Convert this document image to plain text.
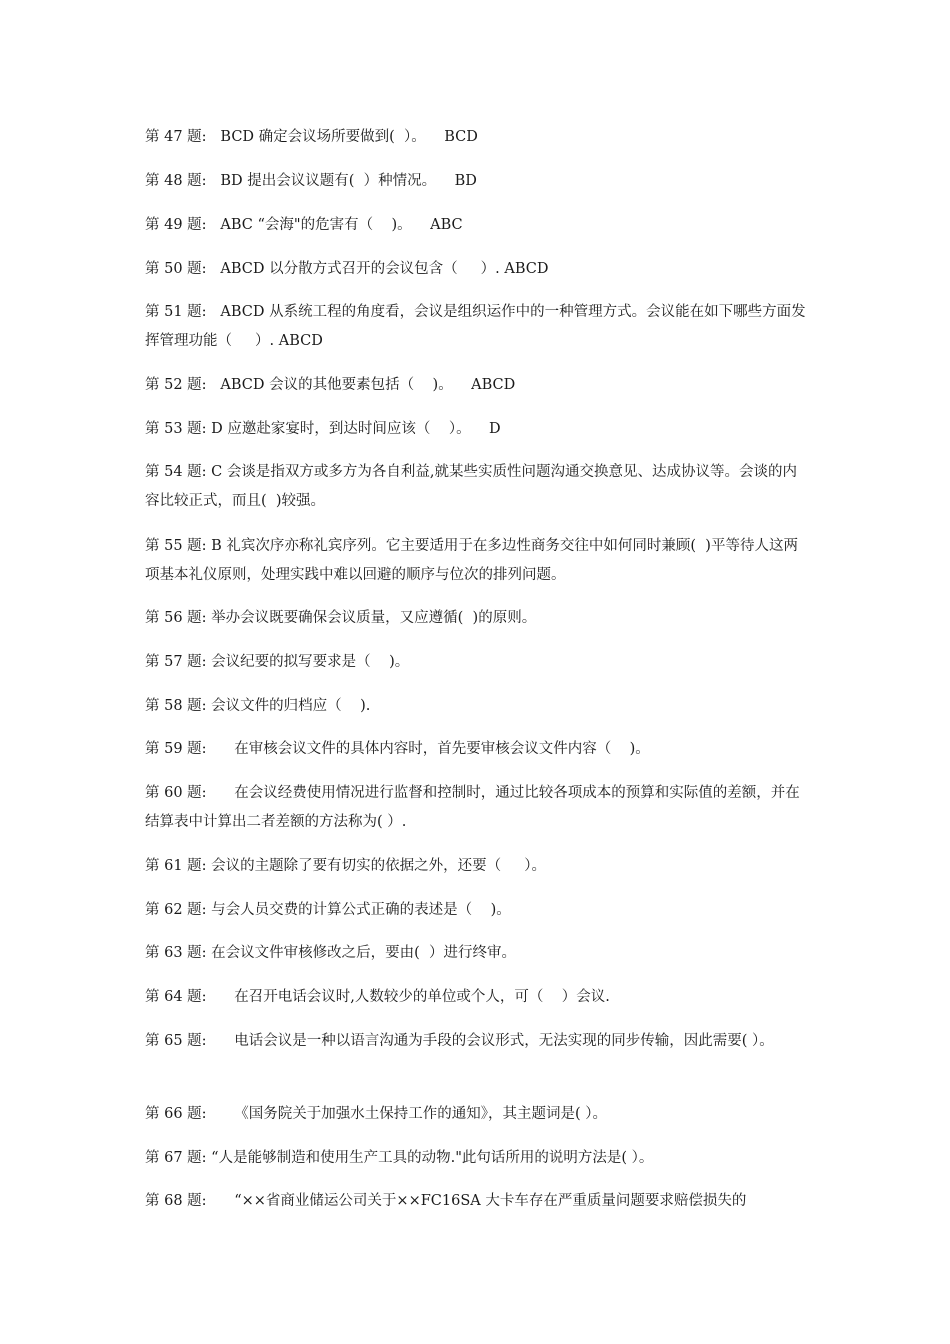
第 47 题:   BCD 确定会议场所要做到(  ）。    BCD

第 48 题:   BD 提出会议议题有(  ）种情况。    BD

第 49 题:   ABC “会海"的危害有（    )。    ABC

第 50 题:   ABCD 以分散方式召开的会议包含（     ）. ABCD

第 51 题:   ABCD 从系统工程的角度看，会议是组织运作中的一种管理方式。会议能在如下哪些方面发挥管理功能（     ）. ABCD

第 52 题:   ABCD 会议的其他要素包括（    )。    ABCD

第 53 题: D 应邀赴家宴时，到达时间应该（    ）。    D

第 54 题: C 会谈是指双方或多方为各自利益,就某些实质性问题沟通交换意见、达成协议等。会谈的内容比较正式，而且(  )较强。

第 55 题: B 礼宾次序亦称礼宾序列。它主要适用于在多边性商务交往中如何同时兼顾(  )平等待人这两项基本礼仪原则，处理实践中难以回避的顺序与位次的排列问题。

第 56 题: 举办会议既要确保会议质量，又应遵循(  )的原则。

第 57 题: 会议纪要的拟写要求是（    )。

第 58 题: 会议文件的归档应（    ).

第 59 题:      在审核会议文件的具体内容时，首先要审核会议文件内容（    )。

第 60 题:      在会议经费使用情况进行监督和控制时，通过比较各项成本的预算和实际值的差额，并在结算表中计算出二者差额的方法称为( ）.

第 61 题: 会议的主题除了要有切实的依据之外，还要（     ）。

第 62 题: 与会人员交费的计算公式正确的表述是（    )。

第 63 题: 在会议文件审核修改之后，要由(  ）进行终审。

第 64 题:      在召开电话会议时,人数较少的单位或个人，可（    ）会议.

第 65 题:      电话会议是一种以语言沟通为手段的会议形式，无法实现的同步传输，因此需要( ）。

第 66 题:      《国务院关于加强水土保持工作的通知》，其主题词是( ）。

第 67 题: “人是能够制造和使用生产工具的动物."此句话所用的说明方法是( ）。

第 68 题:      “××省商业储运公司关于××FC16SA 大卡车存在严重质量问题要求赔偿损失的
